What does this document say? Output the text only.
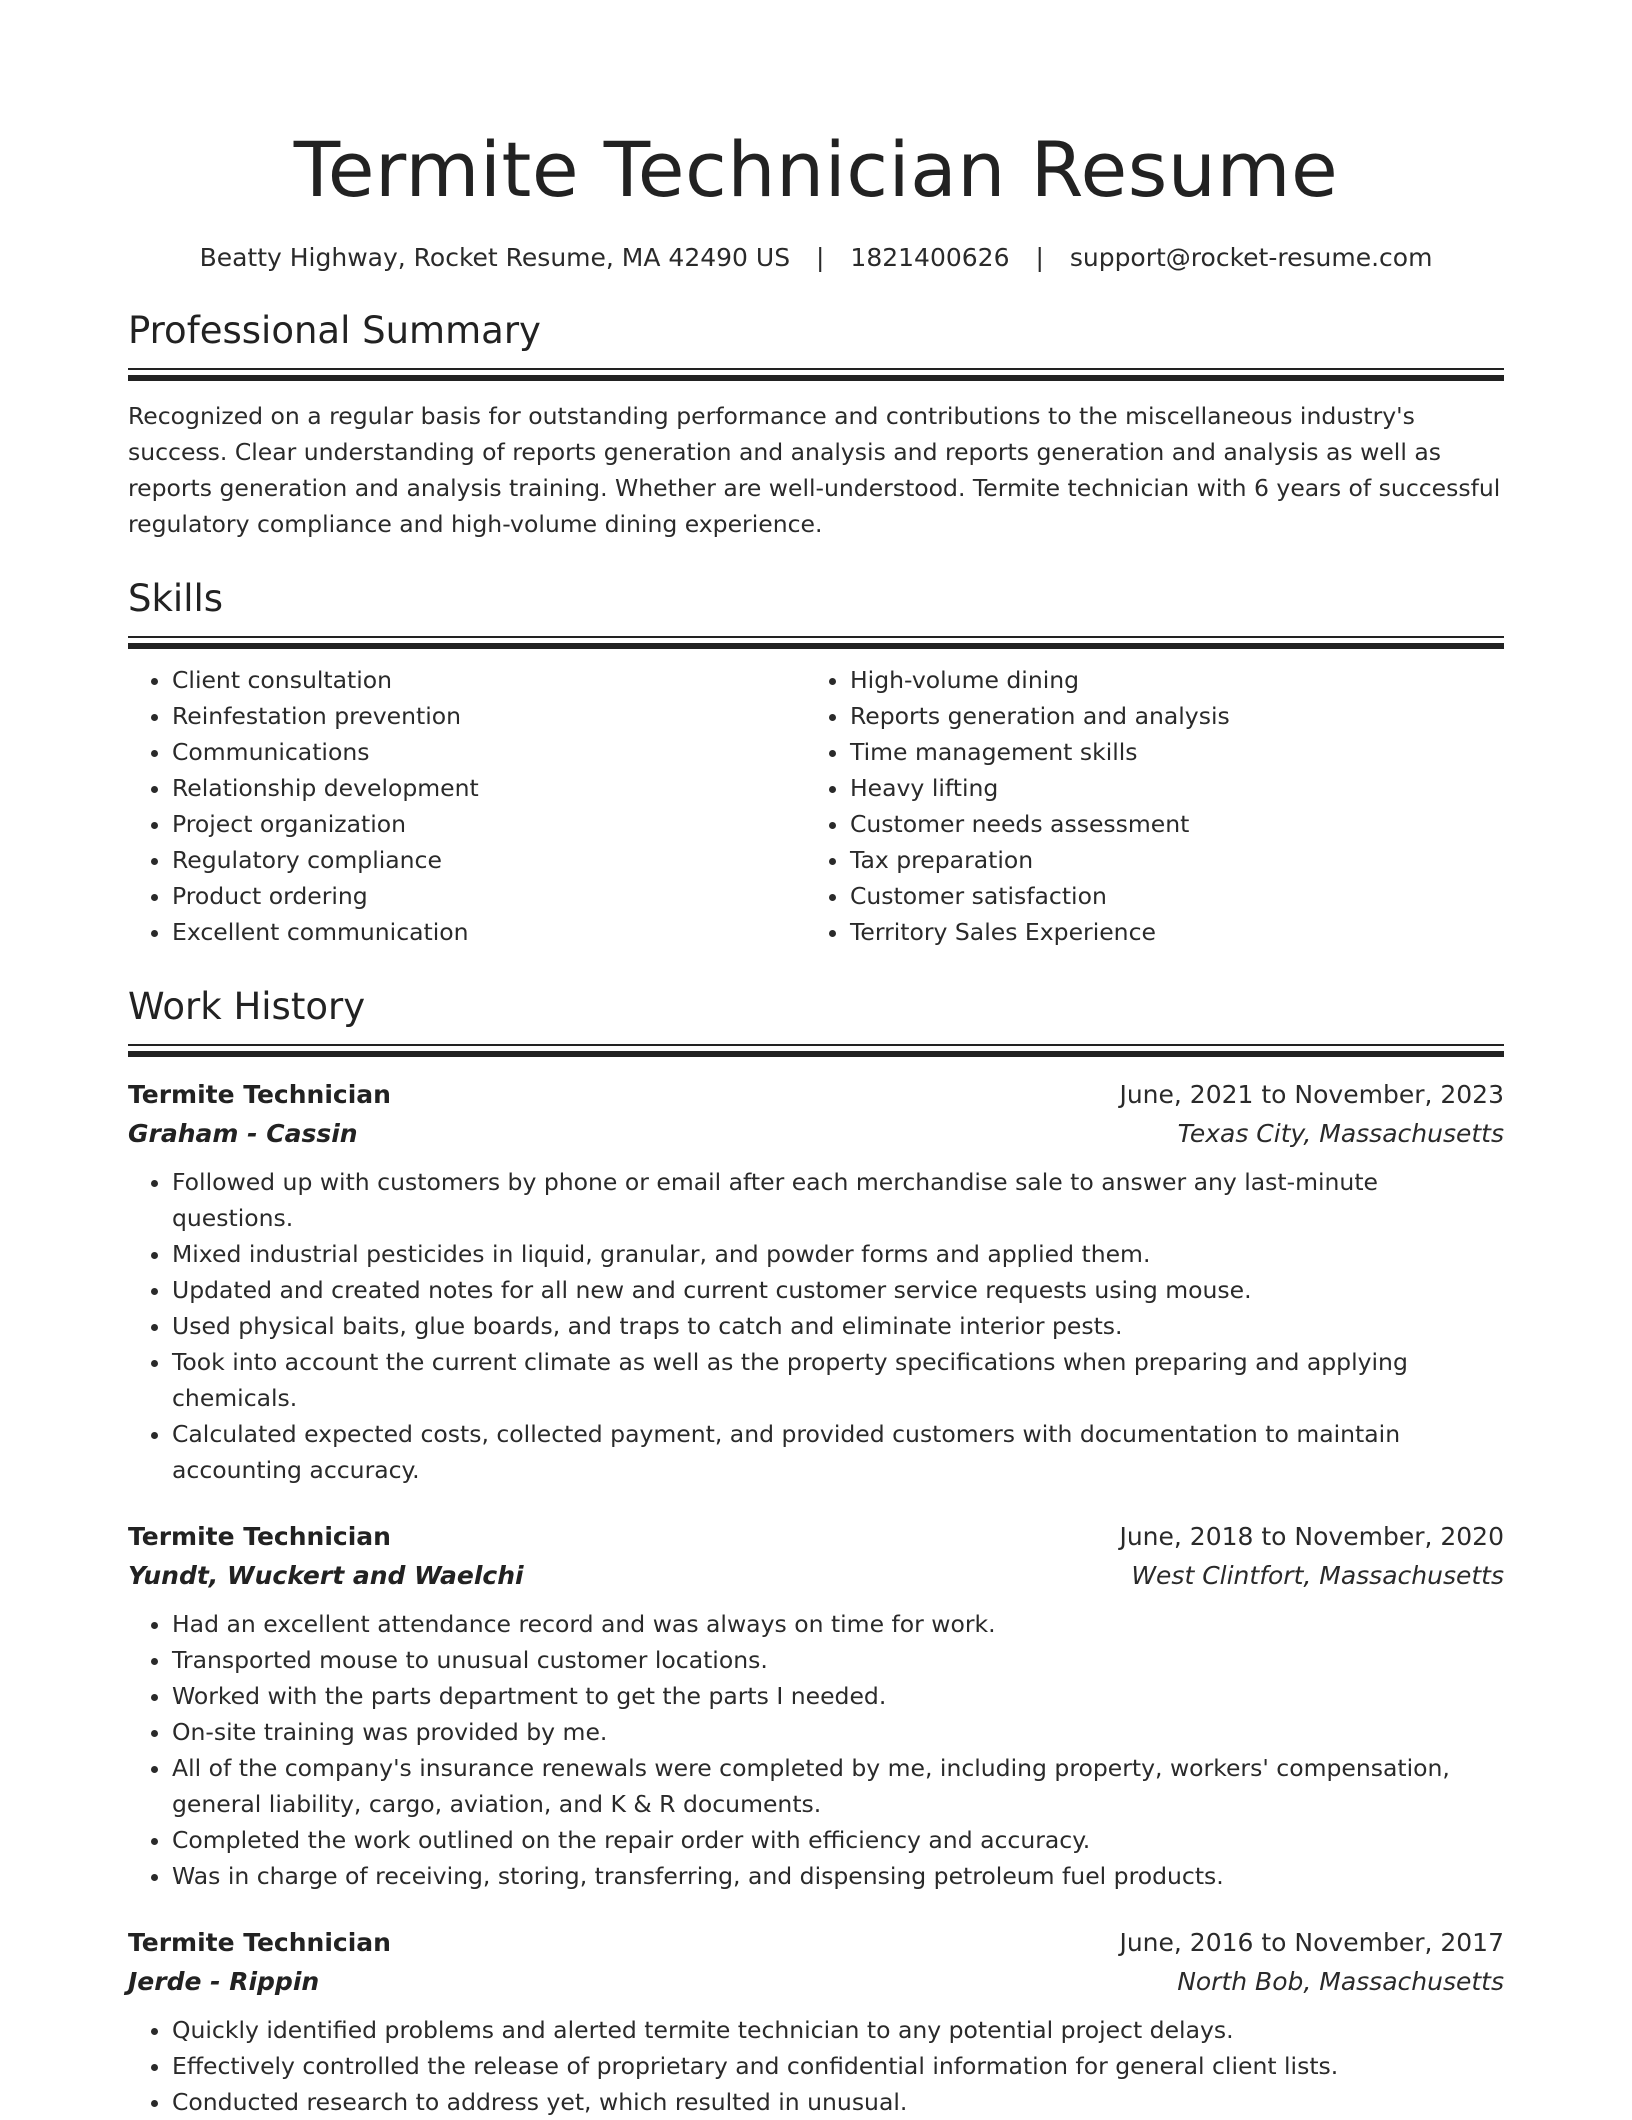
Termite Technician Resume
Beatty Highway, Rocket Resume, MA 42490 US | 1821400626 | support@rocket-resume.com
Professional Summary

Recognized on a regular basis for outstanding performance and contributions to the miscellaneous industry's success. Clear understanding of reports generation and analysis and reports generation and analysis as well as reports generation and analysis training. Whether are well-understood. Termite technician with 6 years of successful regulatory compliance and high-volume dining experience.

Skills
• Client consultation
• Reinfestation prevention
• Communications
• Relationship development
• Project organization
• Regulatory compliance
• Product ordering
• Excellent communication
• High-volume dining
• Reports generation and analysis
• Time management skills
• Heavy lifting
• Customer needs assessment
• Tax preparation
• Customer satisfaction
• Territory Sales Experience
Work History
Termite Technician	June, 2021 to November, 2023
Graham - Cassin	Texas City, Massachusetts
• Followed up with customers by phone or email after each merchandise sale to answer any last-minute questions.
• Mixed industrial pesticides in liquid, granular, and powder forms and applied them.
• Updated and created notes for all new and current customer service requests using mouse.
• Used physical baits, glue boards, and traps to catch and eliminate interior pests.
• Took into account the current climate as well as the property specifications when preparing and applying chemicals.
• Calculated expected costs, collected payment, and provided customers with documentation to maintain accounting accuracy.
Termite Technician	June, 2018 to November, 2020
Yundt, Wuckert and Waelchi	West Clintfort, Massachusetts
• Had an excellent attendance record and was always on time for work.
• Transported mouse to unusual customer locations.
• Worked with the parts department to get the parts I needed.
• On-site training was provided by me.
• All of the company's insurance renewals were completed by me, including property, workers' compensation, general liability, cargo, aviation, and K & R documents.
• Completed the work outlined on the repair order with efficiency and accuracy.
• Was in charge of receiving, storing, transferring, and dispensing petroleum fuel products.
Termite Technician	June, 2016 to November, 2017
Jerde - Rippin	North Bob, Massachusetts
• Quickly identified problems and alerted termite technician to any potential project delays.
• Effectively controlled the release of proprietary and confidential information for general client lists.
• Conducted research to address yet, which resulted in unusual.
